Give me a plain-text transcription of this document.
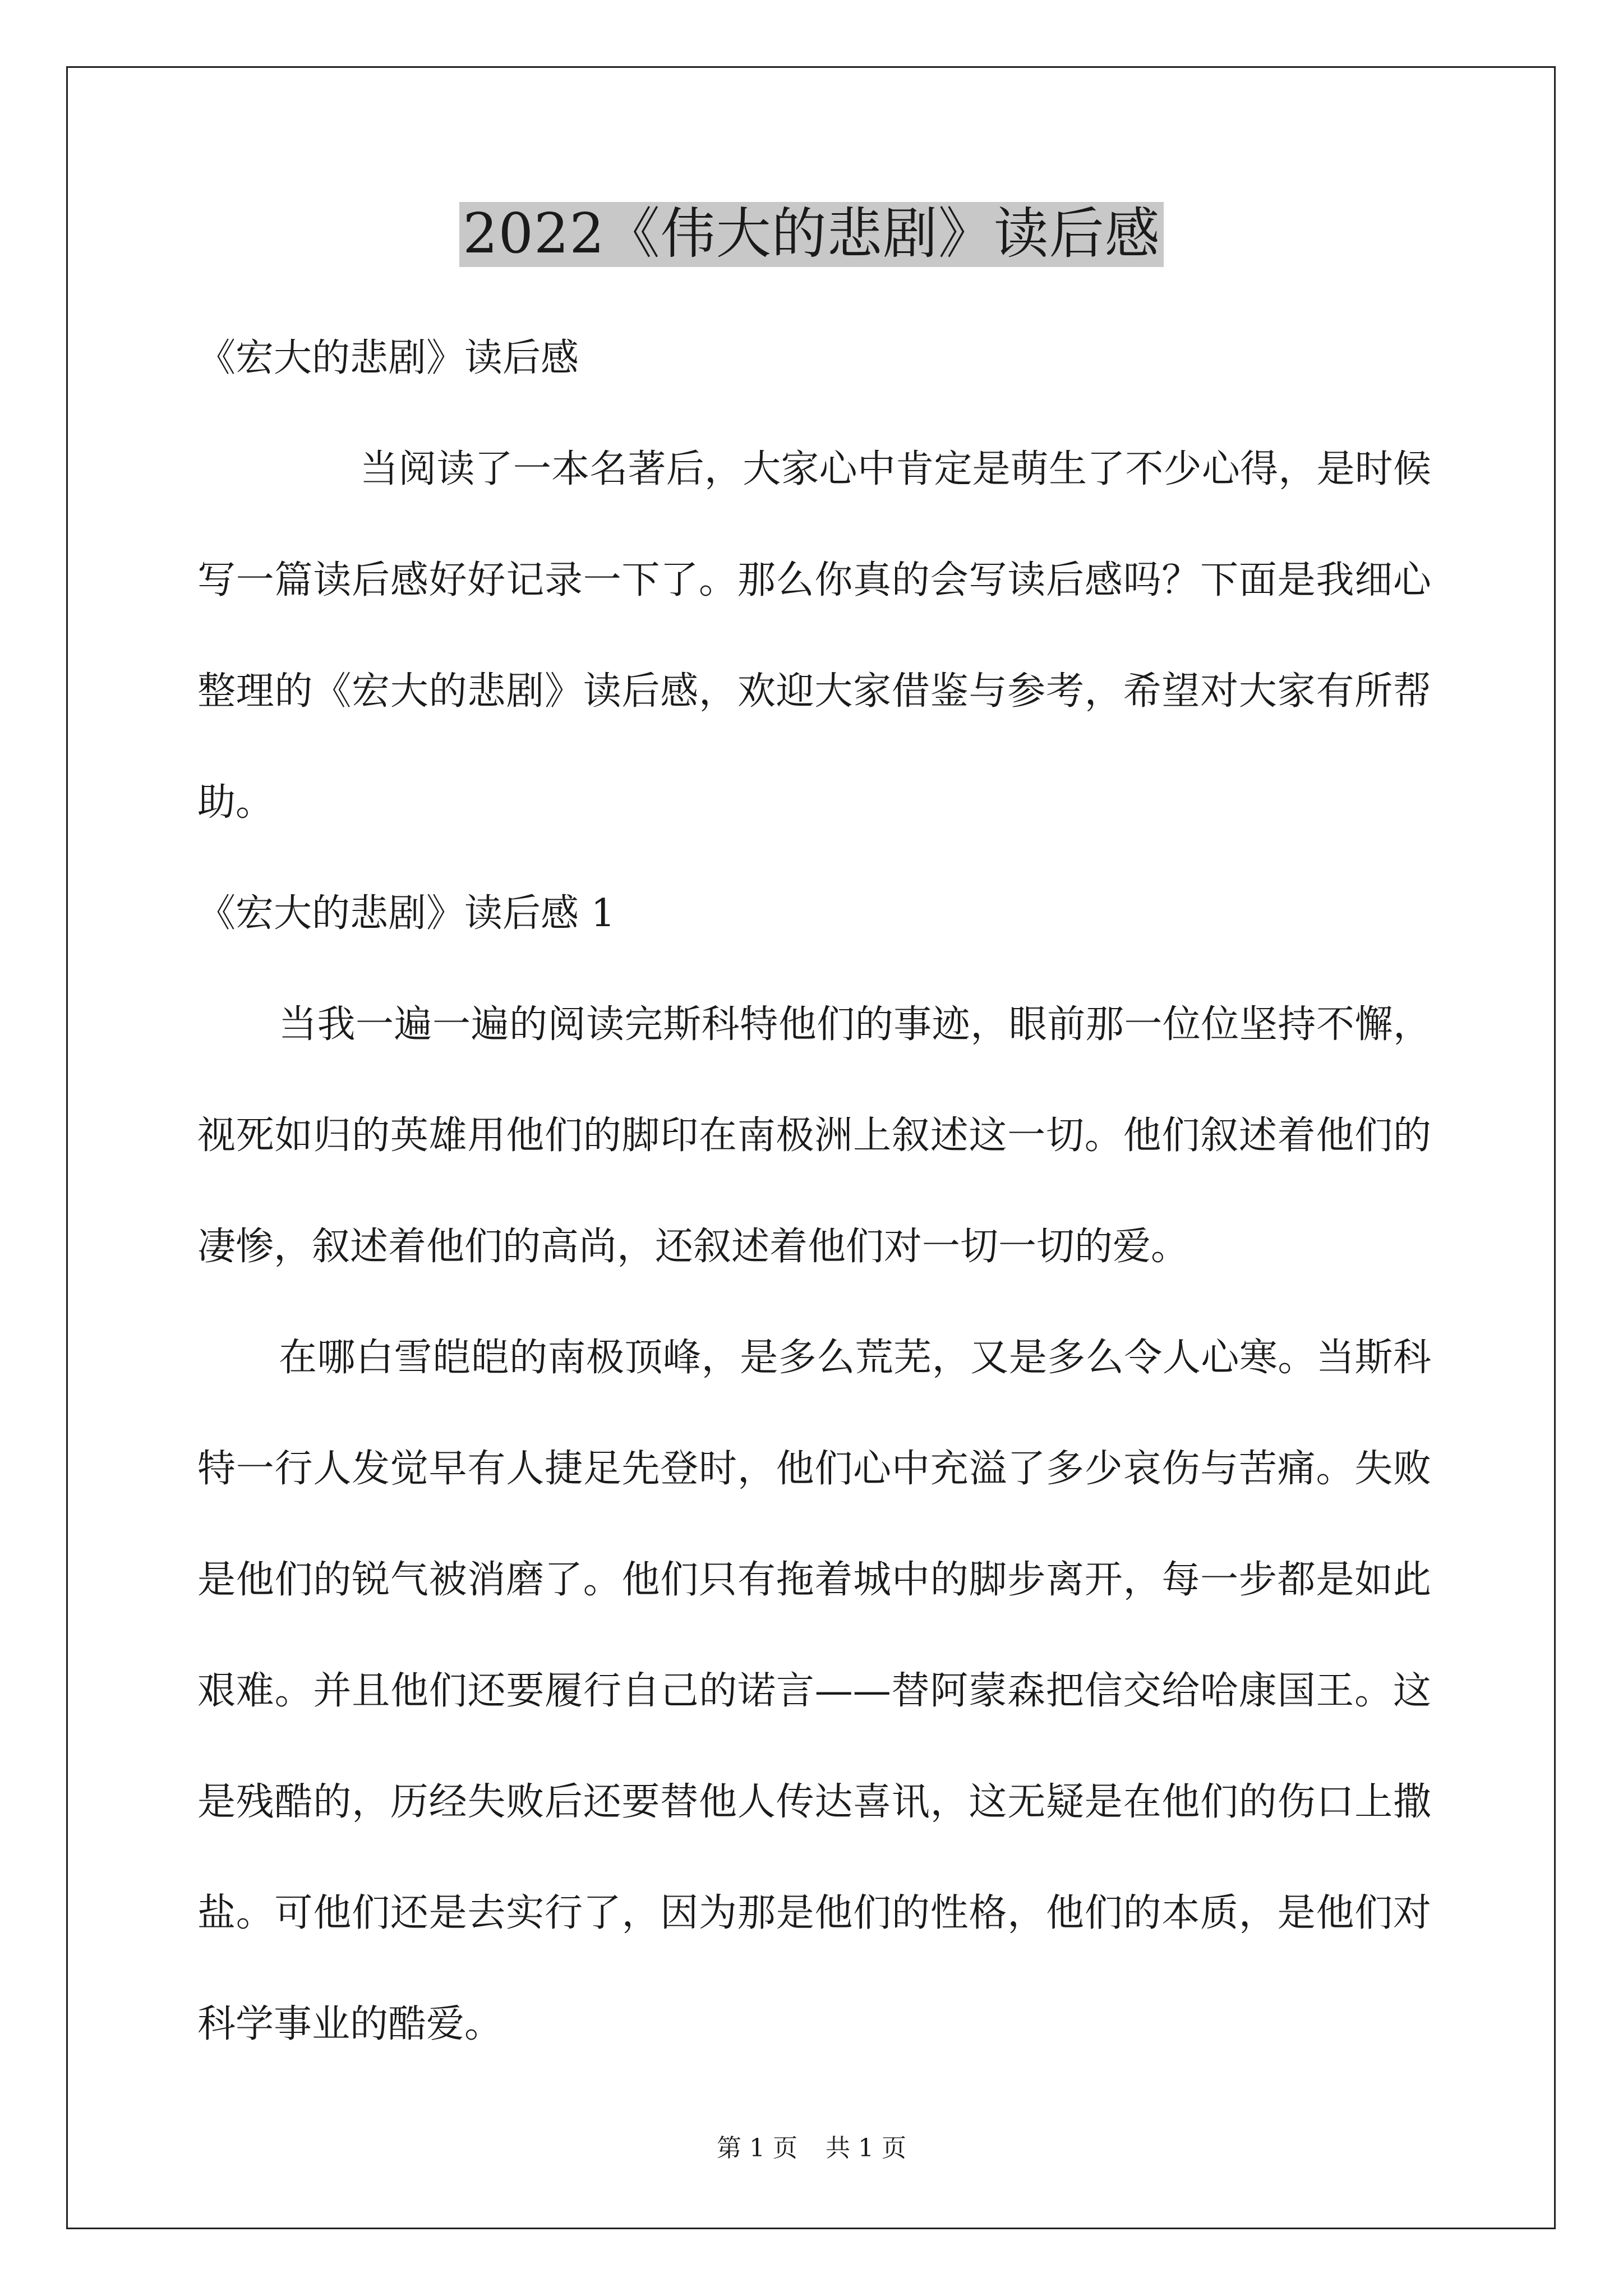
2022《伟大的悲剧》读后感

《宏大的悲剧》读后感

当阅读了一本名著后，大家心中肯定是萌生了不少心得，是时候写一篇读后感好好记录一下了。那么你真的会写读后感吗？下面是我细心整理的《宏大的悲剧》读后感，欢迎大家借鉴与参考，希望对大家有所帮助。

《宏大的悲剧》读后感 1

当我一遍一遍的阅读完斯科特他们的事迹，眼前那一位位坚持不懈，视死如归的英雄用他们的脚印在南极洲上叙述这一切。他们叙述着他们的凄惨，叙述着他们的高尚，还叙述着他们对一切一切的爱。

在哪白雪皑皑的南极顶峰，是多么荒芜，又是多么令人心寒。当斯科特一行人发觉早有人捷足先登时，他们心中充溢了多少哀伤与苦痛。失败是他们的锐气被消磨了。他们只有拖着城中的脚步离开，每一步都是如此艰难。并且他们还要履行自己的诺言——替阿蒙森把信交给哈康国王。这是残酷的，历经失败后还要替他人传达喜讯，这无疑是在他们的伤口上撒盐。可他们还是去实行了，因为那是他们的性格，他们的本质，是他们对科学事业的酷爱。

第 1 页 共 1 页
